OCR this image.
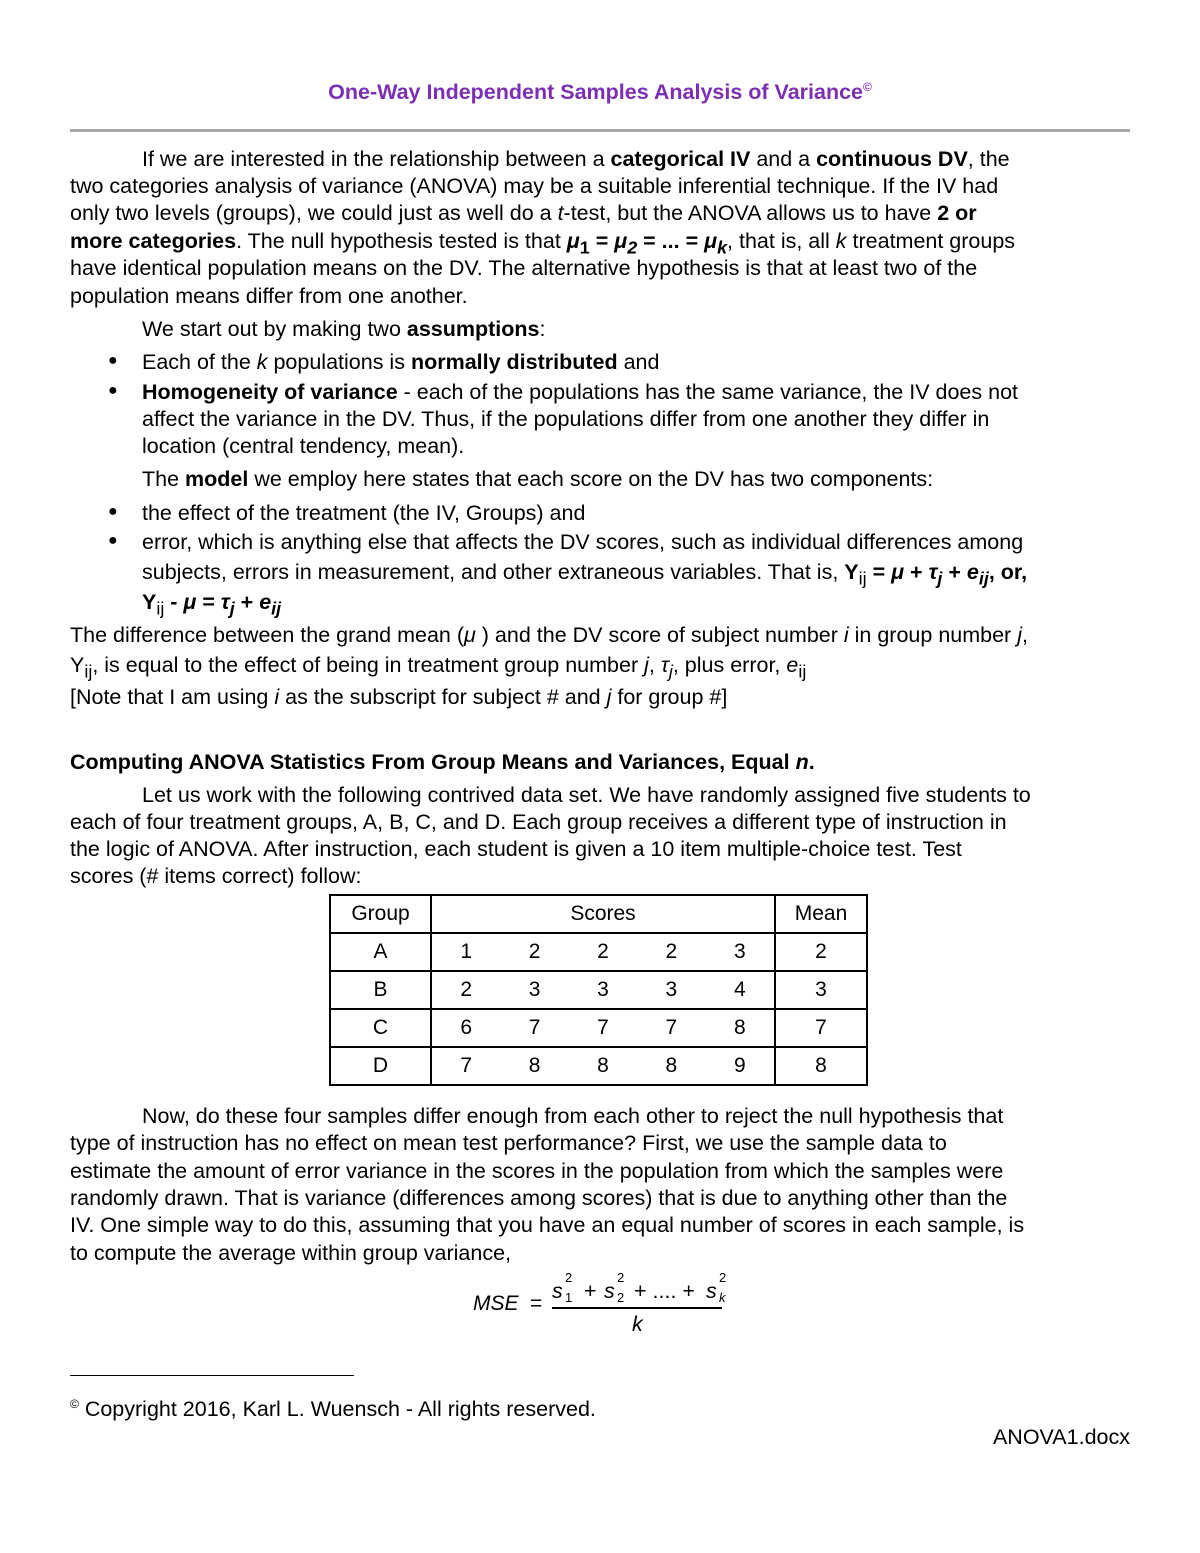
One-Way Independent Samples Analysis of Variance©
If we are interested in the relationship between a categorical IV and a continuous DV, the
two categories analysis of variance (ANOVA) may be a suitable inferential technique. If the IV had
only two levels (groups), we could just as well do a t-test, but the ANOVA allows us to have 2 or
more categories. The null hypothesis tested is that $\mu_1 = \mu_2$ = ... = $\mu_k$, that is, all k treatment groups
have identical population means on the DV. The alternative hypothesis is that at least two of the
population means differ from one another.
We start out by making two assumptions:
● Each of the k populations is normally distributed and
● Homogeneity of variance - each of the populations has the same variance, the IV does not
affect the variance in the DV. Thus, if the populations differ from one another they differ in
location (central tendency, mean).
The model we employ here states that each score on the DV has two components:
● the effect of the treatment (the IV, Groups) and
● error, which is anything else that affects the DV scores, such as individual differences among
subjects, errors in measurement, and other extraneous variables. That is, $Y_{ij} = \mu + \tau_j + e_{ij}$, or,
$Y_{ij} - \mu = \tau_j + e_{ij}$
The difference between the grand mean (μ ) and the DV score of subject number i in group number j,
$Y_{ij}$, is equal to the effect of being in treatment group number j, $\tau_j$, plus error, $e_{ij}$
[Note that I am using i as the subscript for subject # and j for group #]
Computing ANOVA Statistics From Group Means and Variances, Equal n.
Let us work with the following contrived data set. We have randomly assigned five students to
each of four treatment groups, A, B, C, and D. Each group receives a different type of instruction in
the logic of ANOVA. After instruction, each student is given a 10 item multiple-choice test. Test
scores (# items correct) follow:
Group	Scores					Mean
A	1	2	2	2	3	2
B	2	3	3	3	4	3
C	6	7	7	7	8	7
D	7	8	8	8	9	8
Now, do these four samples differ enough from each other to reject the null hypothesis that
type of instruction has no effect on mean test performance? First, we use the sample data to
estimate the amount of error variance in the scores in the population from which the samples were
randomly drawn. That is variance (differences among scores) that is due to anything other than the
IV. One simple way to do this, assuming that you have an equal number of scores in each sample, is
to compute the average within group variance,
MSE =
s
2
1 + s
2
2 + .... + s
2
k
k
© Copyright 2016, Karl L. Wuensch - All rights reserved.
ANOVA1.docx
